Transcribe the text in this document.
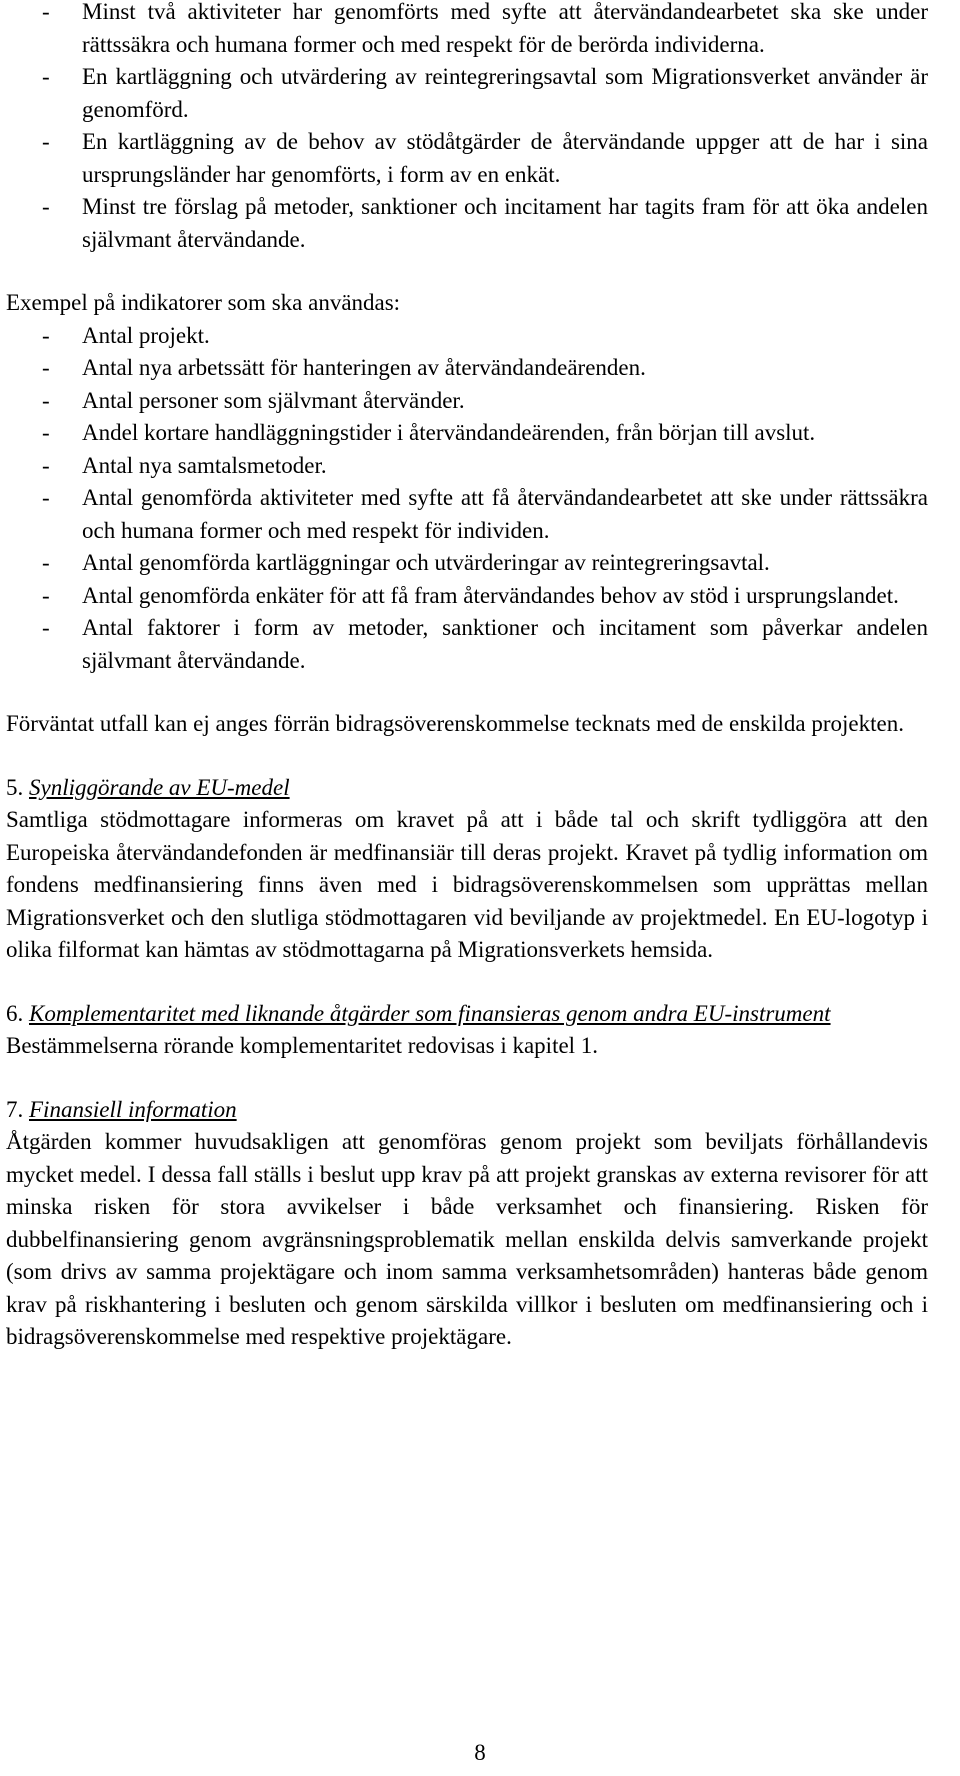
- Minst två aktiviteter har genomförts med syfte att återvändandearbetet ska ske under rättssäkra och humana former och med respekt för de berörda individerna.
- En kartläggning och utvärdering av reintegreringsavtal som Migrationsverket använder är genomförd.
- En kartläggning av de behov av stödåtgärder de återvändande uppger att de har i sina ursprungsländer har genomförts, i form av en enkät.
- Minst tre förslag på metoder, sanktioner och incitament har tagits fram för att öka andelen självmant återvändande.

Exempel på indikatorer som ska användas:

- Antal projekt.
- Antal nya arbetssätt för hanteringen av återvändandeärenden.
- Antal personer som självmant återvänder.
- Andel kortare handläggningstider i återvändandeärenden, från början till avslut.
- Antal nya samtalsmetoder.
- Antal genomförda aktiviteter med syfte att få återvändandearbetet att ske under rättssäkra och humana former och med respekt för individen.
- Antal genomförda kartläggningar och utvärderingar av reintegreringsavtal.
- Antal genomförda enkäter för att få fram återvändandes behov av stöd i ursprungslandet.
- Antal faktorer i form av metoder, sanktioner och incitament som påverkar andelen självmant återvändande.

Förväntat utfall kan ej anges förrän bidragsöverenskommelse tecknats med de enskilda projekten.

5. Synliggörande av EU-medel

Samtliga stödmottagare informeras om kravet på att i både tal och skrift tydliggöra att den Europeiska återvändandefonden är medfinansiär till deras projekt. Kravet på tydlig information om fondens medfinansiering finns även med i bidragsöverenskommelsen som upprättas mellan Migrationsverket och den slutliga stödmottagaren vid beviljande av projektmedel. En EU-logotyp i olika filformat kan hämtas av stödmottagarna på Migrationsverkets hemsida.

6. Komplementaritet med liknande åtgärder som finansieras genom andra EU-instrument

Bestämmelserna rörande komplementaritet redovisas i kapitel 1.

7. Finansiell information

Åtgärden kommer huvudsakligen att genomföras genom projekt som beviljats förhållandevis mycket medel. I dessa fall ställs i beslut upp krav på att projekt granskas av externa revisorer för att minska risken för stora avvikelser i både verksamhet och finansiering. Risken för dubbelfinansiering genom avgränsningsproblematik mellan enskilda delvis samverkande projekt (som drivs av samma projektägare och inom samma verksamhetsområden) hanteras både genom krav på riskhantering i besluten och genom särskilda villkor i besluten om medfinansiering och i bidragsöverenskommelse med respektive projektägare.

8
